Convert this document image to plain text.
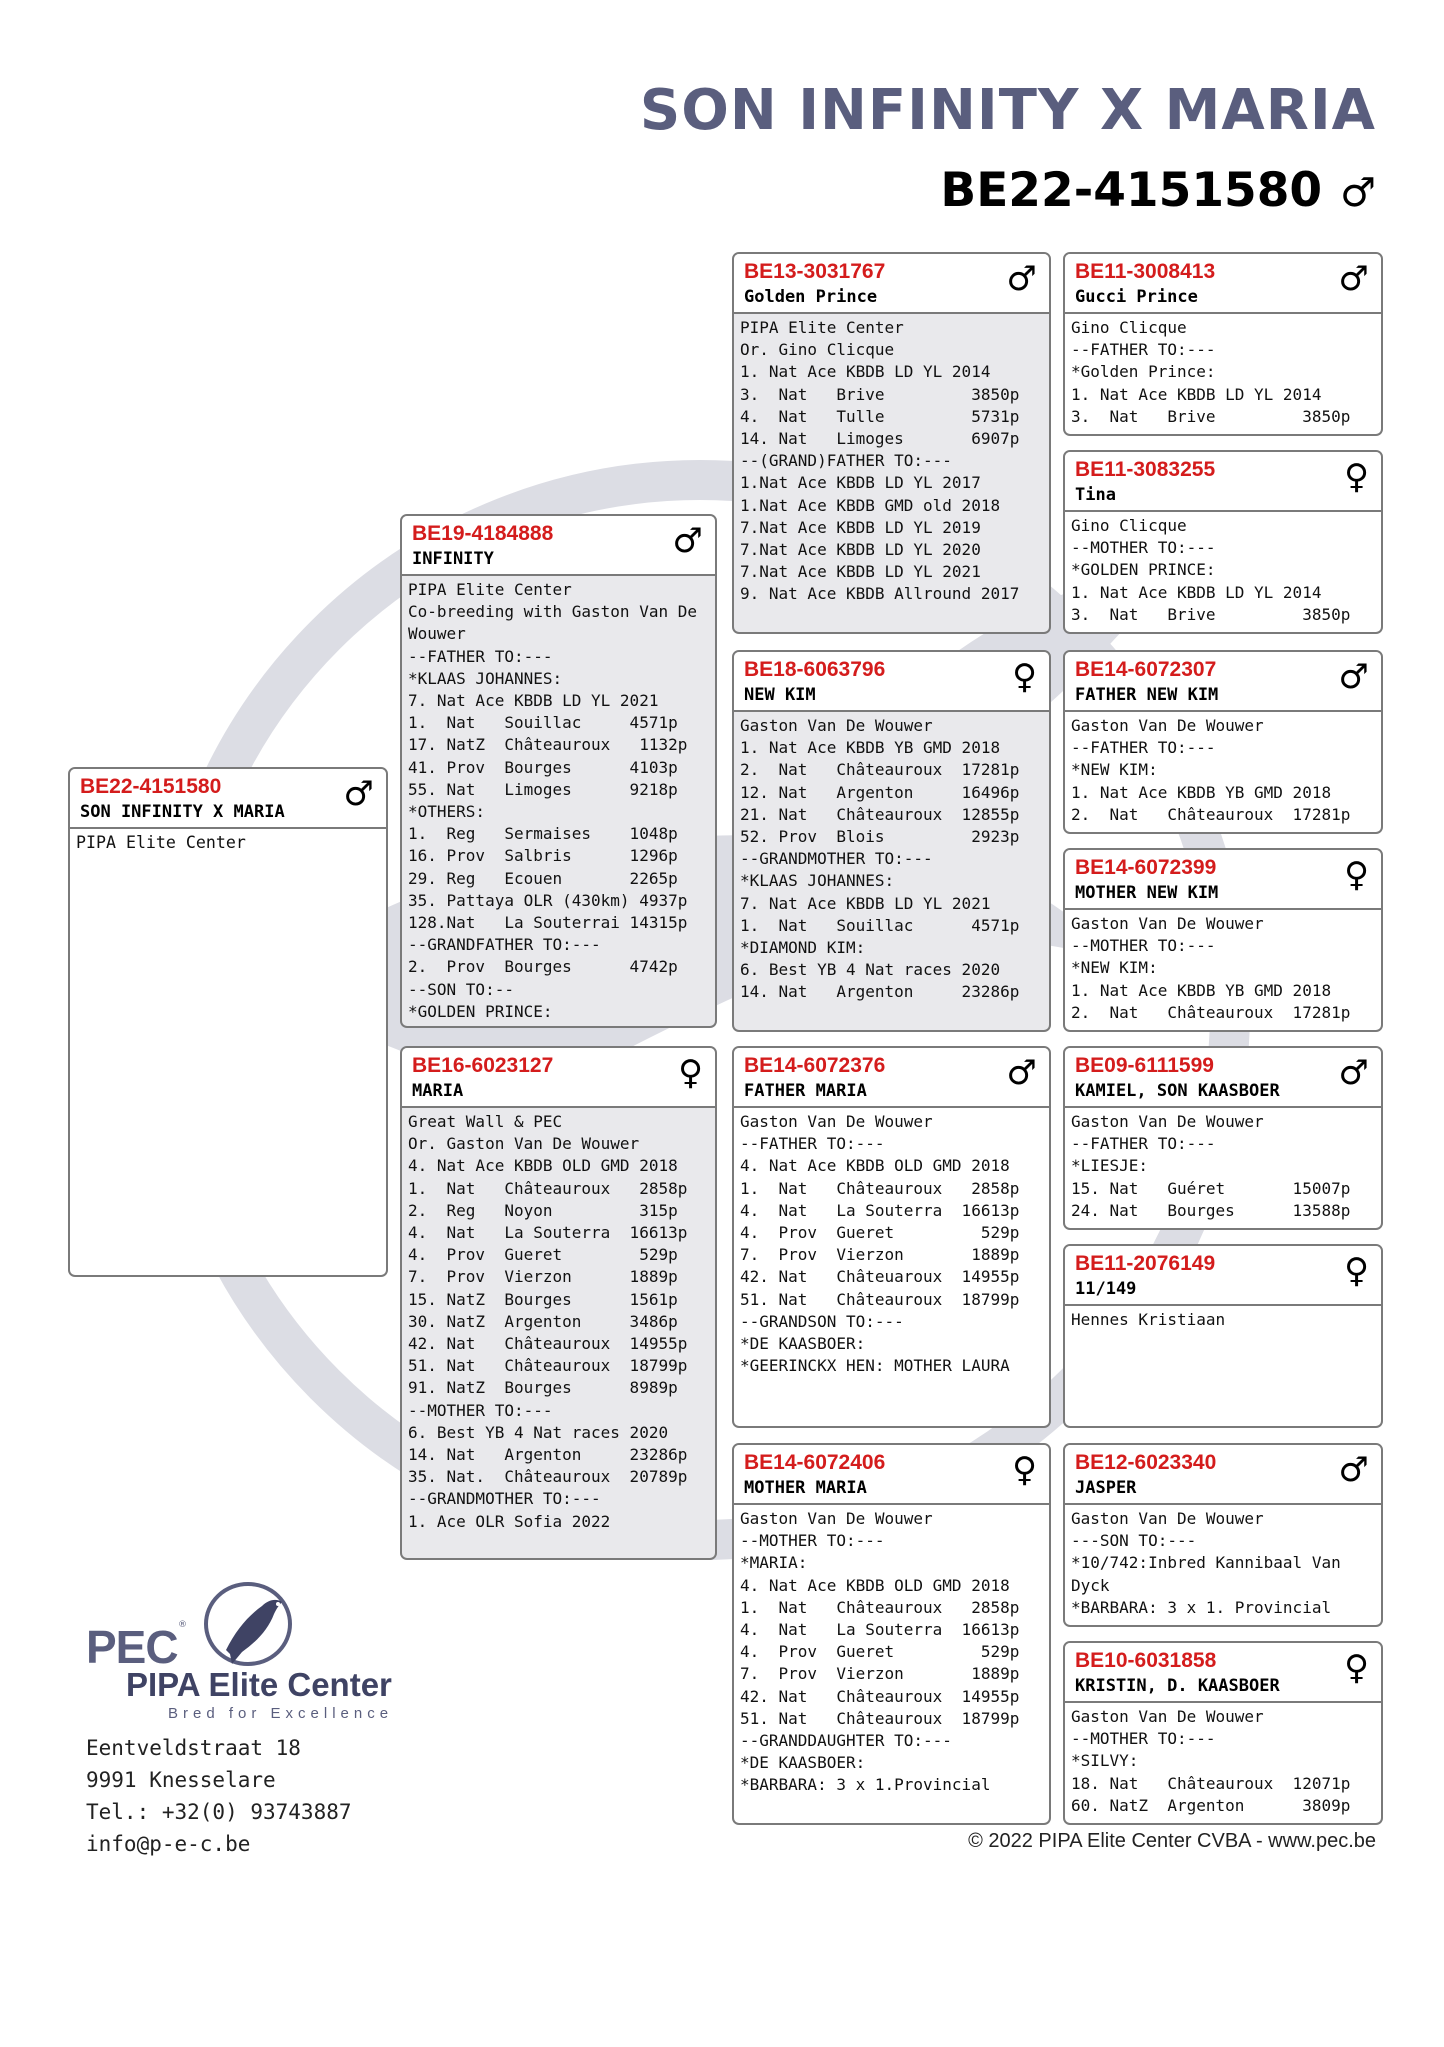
SON INFINITY X MARIA
BE22-4151580 ♂
BE22-4151580
SON INFINITY X MARIA ♂
PIPA Elite Center
BE19-4184888
INFINITY	♂
PIPA Elite Center
Co-breeding with Gaston Van De
Wouwer
--FATHER TO:---
*KLAAS JOHANNES:
7. Nat Ace KBDB LD YL 2021
1.  Nat   Souillac     4571p
17. NatZ  Châteauroux   1132p
41. Prov  Bourges      4103p
55. Nat   Limoges      9218p
*OTHERS:
1.  Reg   Sermaises    1048p
16. Prov  Salbris      1296p
29. Reg   Ecouen       2265p
35. Pattaya OLR (430km) 4937p
128.Nat   La Souterrai 14315p
--GRANDFATHER TO:---
2.  Prov  Bourges      4742p
--SON TO:--
*GOLDEN PRINCE:
BE16-6023127
MARIA	♀
Great Wall & PEC
Or. Gaston Van De Wouwer
4. Nat Ace KBDB OLD GMD 2018
1.  Nat   Châteauroux   2858p
2.  Reg   Noyon         315p
4.  Nat   La Souterra  16613p
4.  Prov  Gueret        529p
7.  Prov  Vierzon      1889p
15. NatZ  Bourges      1561p
30. NatZ  Argenton     3486p
42. Nat   Châteauroux  14955p
51. Nat   Châteauroux  18799p
91. NatZ  Bourges      8989p
--MOTHER TO:---
6. Best YB 4 Nat races 2020
14. Nat   Argenton     23286p
35. Nat.  Châteauroux  20789p
--GRANDMOTHER TO:---
1. Ace OLR Sofia 2022
BE13-3031767
Golden Prince	♂
PIPA Elite Center
Or. Gino Clicque
1. Nat Ace KBDB LD YL 2014
3.  Nat   Brive         3850p
4.  Nat   Tulle         5731p
14. Nat   Limoges       6907p
--(GRAND)FATHER TO:---
1.Nat Ace KBDB LD YL 2017
1.Nat Ace KBDB GMD old 2018
7.Nat Ace KBDB LD YL 2019
7.Nat Ace KBDB LD YL 2020
7.Nat Ace KBDB LD YL 2021
9. Nat Ace KBDB Allround 2017
BE18-6063796
NEW KIM	♀
Gaston Van De Wouwer
1. Nat Ace KBDB YB GMD 2018
2.  Nat   Châteauroux  17281p
12. Nat   Argenton     16496p
21. Nat   Châteauroux  12855p
52. Prov  Blois         2923p
--GRANDMOTHER TO:---
*KLAAS JOHANNES:
7. Nat Ace KBDB LD YL 2021
1.  Nat   Souillac      4571p
*DIAMOND KIM:
6. Best YB 4 Nat races 2020
14. Nat   Argenton     23286p
BE14-6072376
FATHER MARIA	♂
Gaston Van De Wouwer
--FATHER TO:---
4. Nat Ace KBDB OLD GMD 2018
1.  Nat   Châteauroux   2858p
4.  Nat   La Souterra  16613p
4.  Prov  Gueret         529p
7.  Prov  Vierzon       1889p
42. Nat   Châteuaroux  14955p
51. Nat   Châteauroux  18799p
--GRANDSON TO:---
*DE KAASBOER:
*GEERINCKX HEN: MOTHER LAURA
BE14-6072406
MOTHER MARIA	♀
Gaston Van De Wouwer
--MOTHER TO:---
*MARIA:
4. Nat Ace KBDB OLD GMD 2018
1.  Nat   Châteauroux   2858p
4.  Nat   La Souterra  16613p
4.  Prov  Gueret         529p
7.  Prov  Vierzon       1889p
42. Nat   Châteauroux  14955p
51. Nat   Châteauroux  18799p
--GRANDDAUGHTER TO:---
*DE KAASBOER:
*BARBARA: 3 x 1.Provincial
BE11-3008413
Gucci Prince	♂
Gino Clicque
--FATHER TO:---
*Golden Prince:
1. Nat Ace KBDB LD YL 2014
3.  Nat   Brive         3850p
BE11-3083255
Tina	♀
Gino Clicque
--MOTHER TO:---
*GOLDEN PRINCE:
1. Nat Ace KBDB LD YL 2014
3.  Nat   Brive         3850p
BE14-6072307
FATHER NEW KIM	♂
Gaston Van De Wouwer
--FATHER TO:---
*NEW KIM:
1. Nat Ace KBDB YB GMD 2018
2.  Nat   Châteauroux  17281p
BE14-6072399
MOTHER NEW KIM	♀
Gaston Van De Wouwer
--MOTHER TO:---
*NEW KIM:
1. Nat Ace KBDB YB GMD 2018
2.  Nat   Châteauroux  17281p
BE09-6111599
KAMIEL, SON KAASBOER ♂
Gaston Van De Wouwer
--FATHER TO:---
*LIESJE:
15. Nat   Guéret       15007p
24. Nat   Bourges      13588p
BE11-2076149
11/149	♀
Hennes Kristiaan
BE12-6023340
JASPER	♂
Gaston Van De Wouwer
---SON TO:---
*10/742:Inbred Kannibaal Van
Dyck
*BARBARA: 3 x 1. Provincial
BE10-6031858
KRISTIN, D. KAASBOER ♀
Gaston Van De Wouwer
--MOTHER TO:---
*SILVY:
18. Nat   Châteauroux  12071p
60. NatZ  Argenton      3809p
PEC ®
PIPA Elite Center
Bred for Excellence
Eentveldstraat 18
9991 Knesselare
Tel.: +32(0) 93743887
info@p-e-c.be	© 2022 PIPA Elite Center CVBA - www.pec.be
